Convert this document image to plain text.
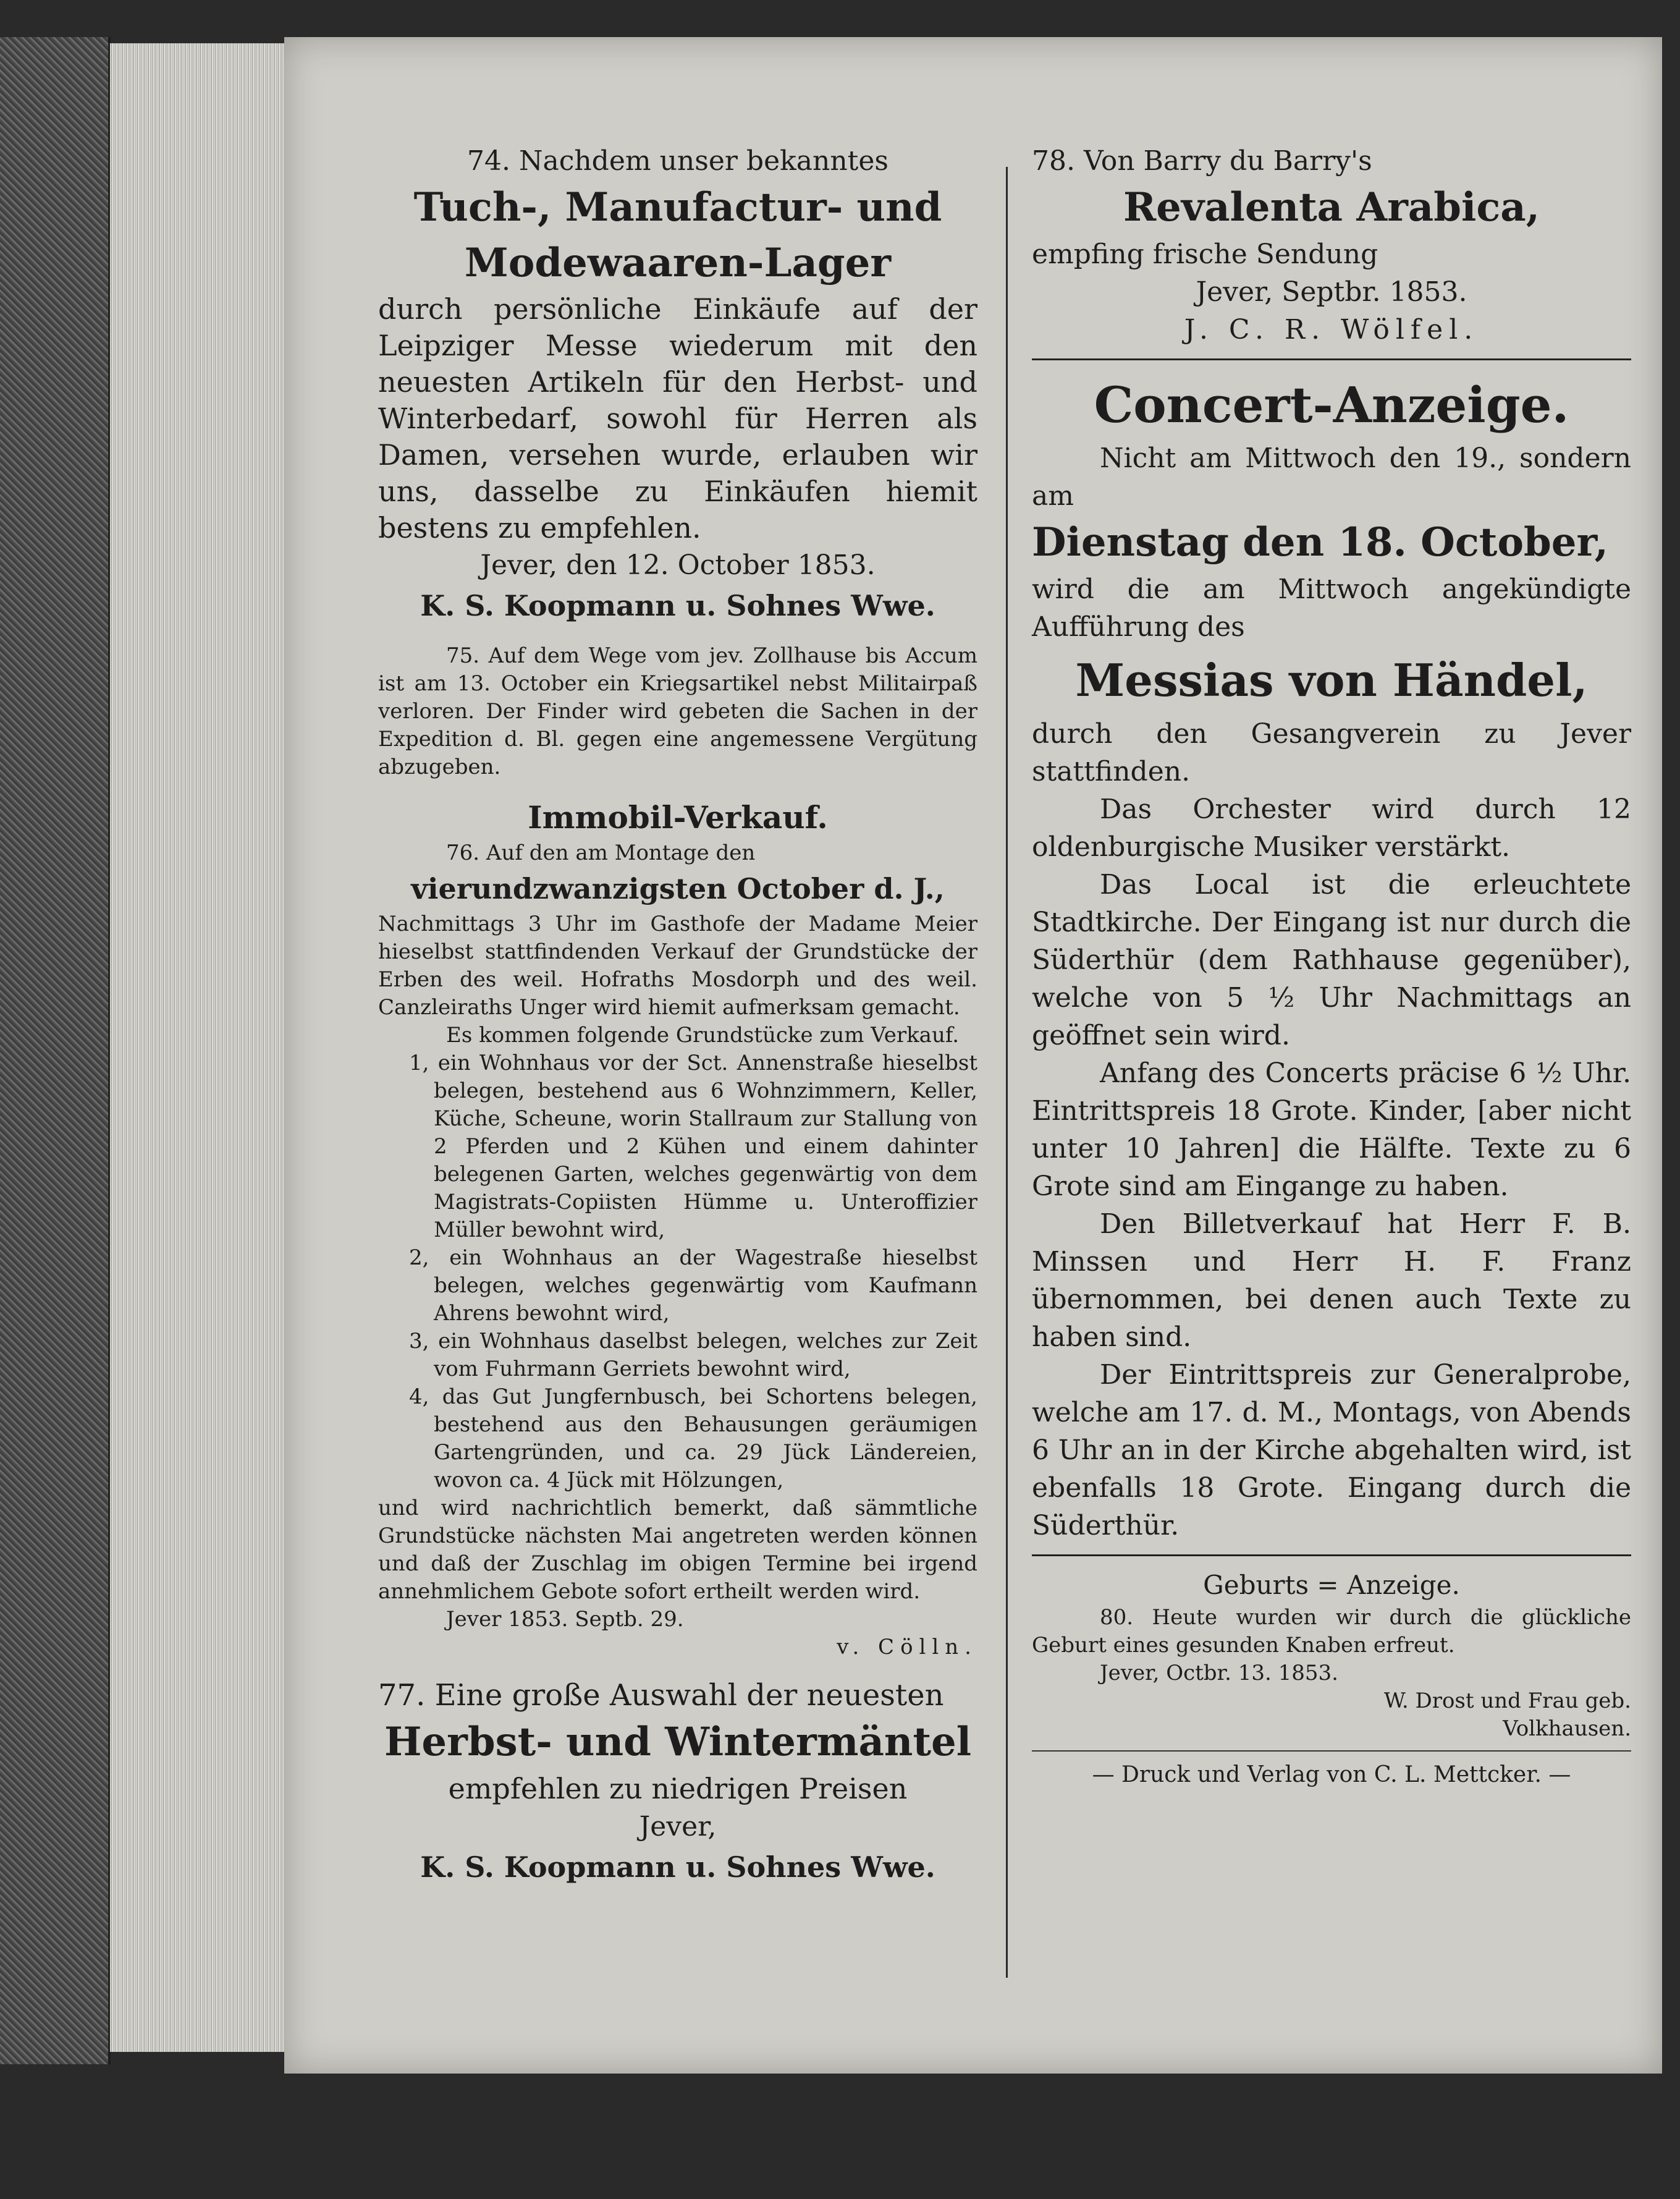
74. Nachdem unser bekanntes
Tuch-, Manufactur- und
Modewaaren-Lager
durch persönliche Einkäufe auf der Leipziger Messe wiederum mit den neuesten Artikeln für den Herbst- und Winterbedarf, sowohl für Herren als Damen, versehen wurde, erlauben wir uns, dasselbe zu Einkäufen hiemit bestens zu empfehlen.
Jever, den 12. October 1853.
K. S. Koopmann u. Sohnes Wwe.
75. Auf dem Wege vom jev. Zollhause bis Accum ist am 13. October ein Kriegsartikel nebst Militairpaß verloren. Der Finder wird gebeten die Sachen in der Expedition d. Bl. gegen eine angemessene Vergütung abzugeben.
Immobil-Verkauf.
76. Auf den am Montage den
vierundzwanzigsten October d. J.,
Nachmittags 3 Uhr im Gasthofe der Madame Meier hieselbst stattfindenden Verkauf der Grundstücke der Erben des weil. Hofraths Mosdorph und des weil. Canzleiraths Unger wird hiemit aufmerksam gemacht.
Es kommen folgende Grundstücke zum Verkauf.
1, ein Wohnhaus vor der Sct. Annenstraße hieselbst belegen, bestehend aus 6 Wohnzimmern, Keller, Küche, Scheune, worin Stallraum zur Stallung von 2 Pferden und 2 Kühen und einem dahinter belegenen Garten, welches gegenwärtig von dem Magistrats-Copiisten Hümme u. Unteroffizier Müller bewohnt wird,
2, ein Wohnhaus an der Wagestraße hieselbst belegen, welches gegenwärtig vom Kaufmann Ahrens bewohnt wird,
3, ein Wohnhaus daselbst belegen, welches zur Zeit vom Fuhrmann Gerriets bewohnt wird,
4, das Gut Jungfernbusch, bei Schortens belegen, bestehend aus den Behausungen geräumigen Gartengründen, und ca. 29 Jück Ländereien, wovon ca. 4 Jück mit Hölzungen,
und wird nachrichtlich bemerkt, daß sämmtliche Grundstücke nächsten Mai angetreten werden können und daß der Zuschlag im obigen Termine bei irgend annehmlichem Gebote sofort ertheilt werden wird.
Jever 1853. Septb. 29.
v. Cölln.
77. Eine große Auswahl der neuesten
Herbst- und Wintermäntel
empfehlen zu niedrigen Preisen
Jever,
K. S. Koopmann u. Sohnes Wwe.
78. Von Barry du Barry's
Revalenta Arabica,
empfing frische Sendung
Jever, Septbr. 1853.
J. C. R. Wölfel.
Concert-Anzeige.
Nicht am Mittwoch den 19., sondern am
Dienstag den 18. October,
wird die am Mittwoch angekündigte Aufführung des
Messias von Händel,
durch den Gesangverein zu Jever stattfinden.
Das Orchester wird durch 12 oldenburgische Musiker verstärkt.
Das Local ist die erleuchtete Stadtkirche. Der Eingang ist nur durch die Süderthür (dem Rathhause gegenüber), welche von 5 ½ Uhr Nachmittags an geöffnet sein wird.
Anfang des Concerts präcise 6 ½ Uhr. Eintrittspreis 18 Grote. Kinder, [aber nicht unter 10 Jahren] die Hälfte. Texte zu 6 Grote sind am Eingange zu haben.
Den Billetverkauf hat Herr F. B. Minssen und Herr H. F. Franz übernommen, bei denen auch Texte zu haben sind.
Der Eintrittspreis zur Generalprobe, welche am 17. d. M., Montags, von Abends 6 Uhr an in der Kirche abgehalten wird, ist ebenfalls 18 Grote. Eingang durch die Süderthür.
Geburts = Anzeige.
80. Heute wurden wir durch die glückliche Geburt eines gesunden Knaben erfreut.
Jever, Octbr. 13. 1853.
W. Drost und Frau geb.
Volkhausen.
— Druck und Verlag von C. L. Mettcker. —
